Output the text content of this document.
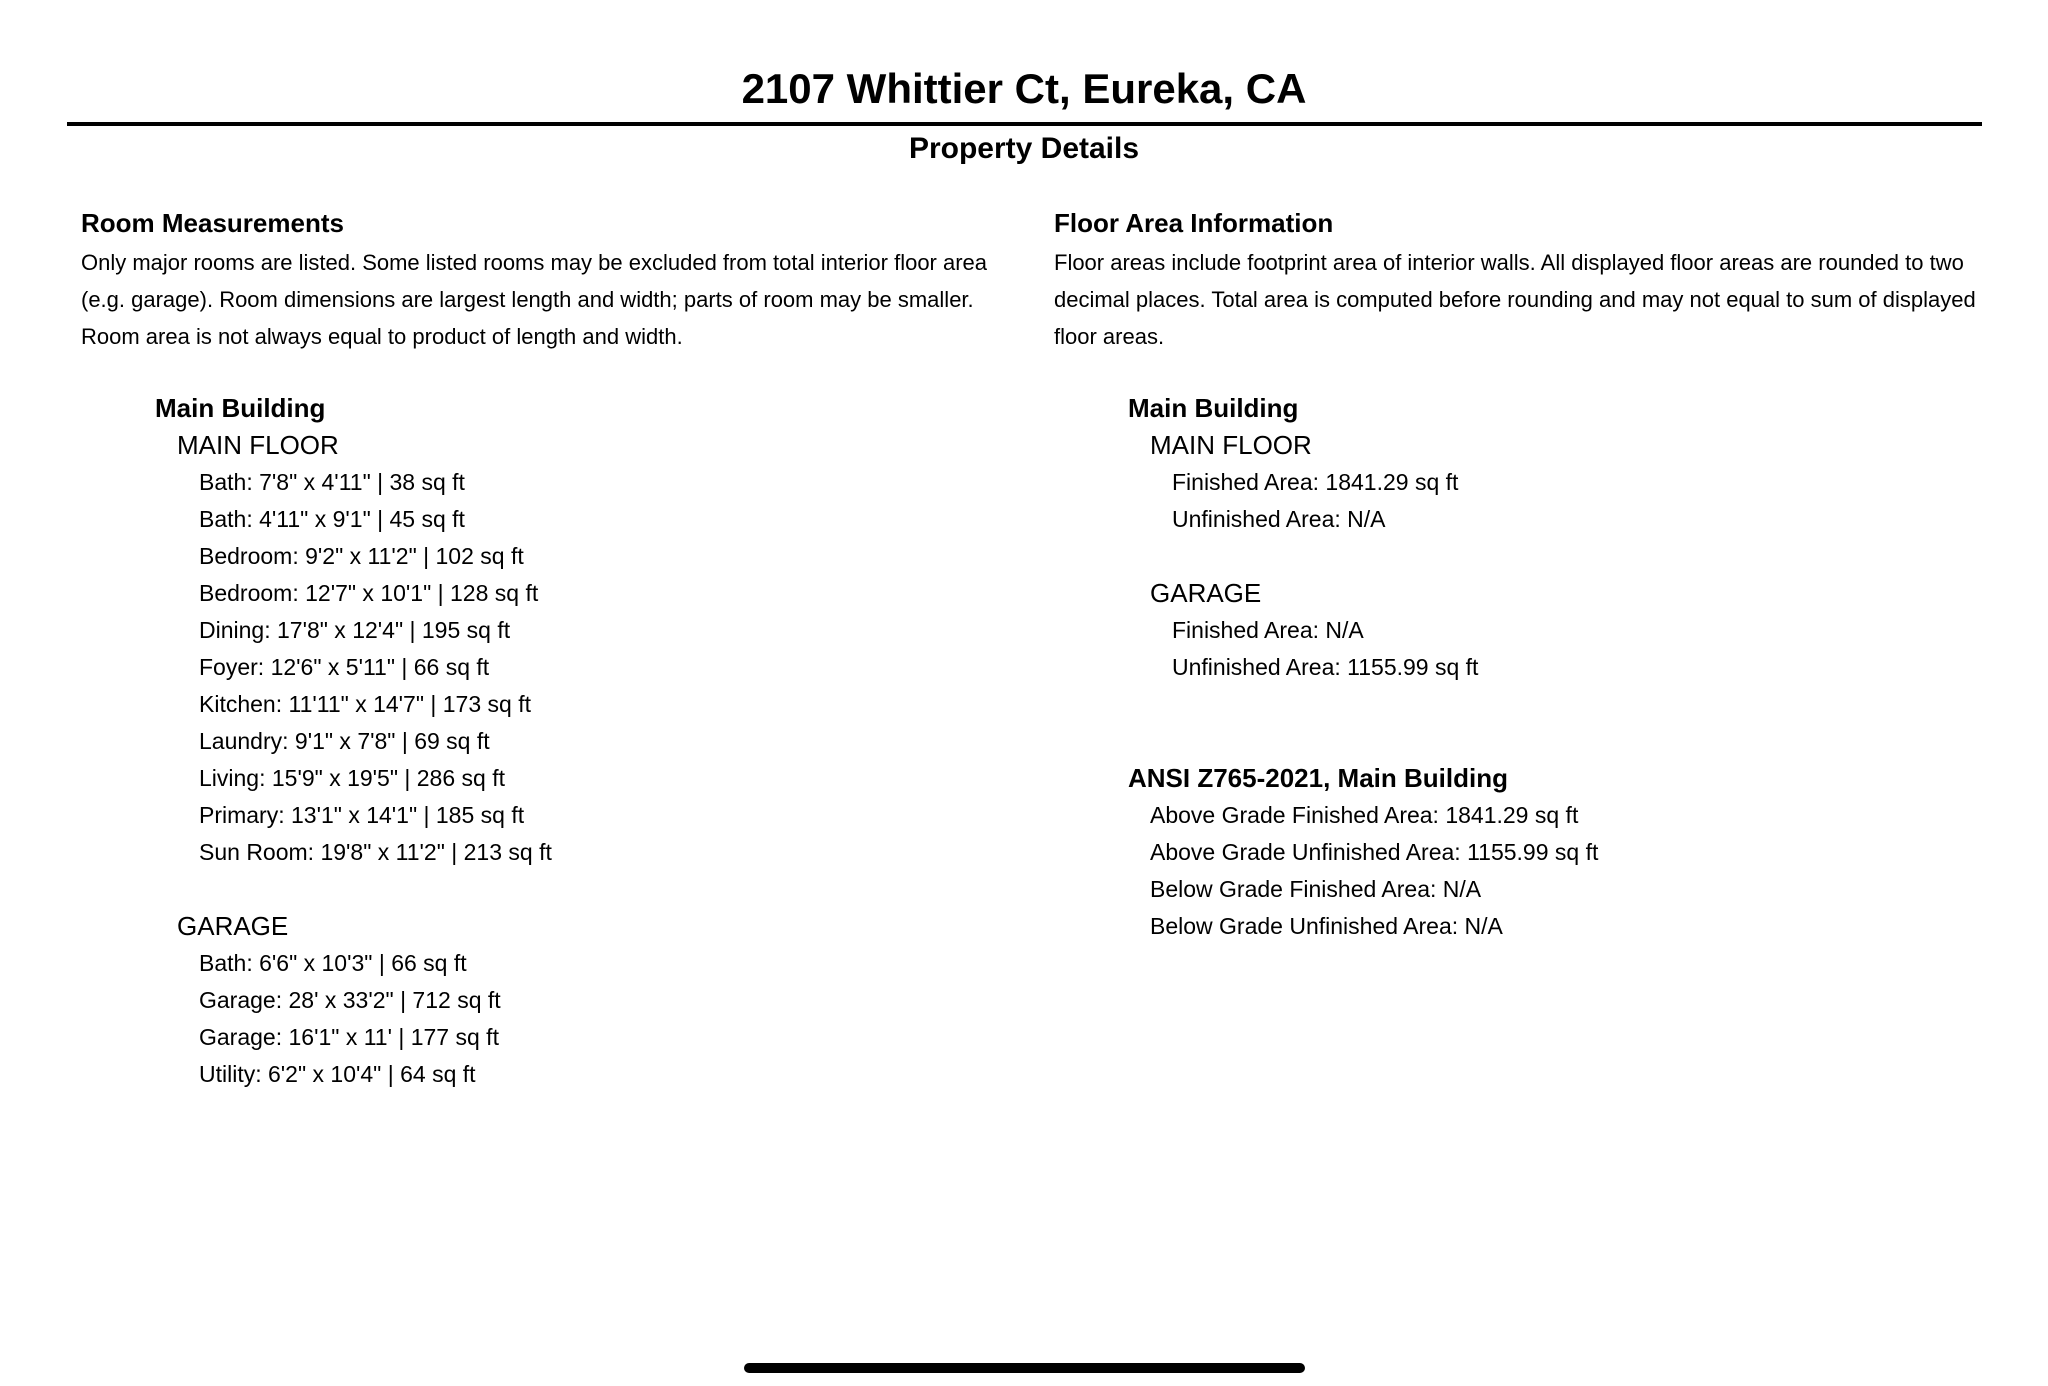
2107 Whittier Ct, Eureka, CA
Property Details
Room Measurements

Only major rooms are listed. Some listed rooms may be excluded from total interior floor area (e.g. garage). Room dimensions are largest length and width; parts of room may be smaller. Room area is not always equal to product of length and width.

Main Building
MAIN FLOOR
Bath: 7'8" x 4'11" | 38 sq ft
Bath: 4'11" x 9'1" | 45 sq ft
Bedroom: 9'2" x 11'2" | 102 sq ft
Bedroom: 12'7" x 10'1" | 128 sq ft
Dining: 17'8" x 12'4" | 195 sq ft
Foyer: 12'6" x 5'11" | 66 sq ft
Kitchen: 11'11" x 14'7" | 173 sq ft
Laundry: 9'1" x 7'8" | 69 sq ft
Living: 15'9" x 19'5" | 286 sq ft
Primary: 13'1" x 14'1" | 185 sq ft
Sun Room: 19'8" x 11'2" | 213 sq ft
GARAGE
Bath: 6'6" x 10'3" | 66 sq ft
Garage: 28' x 33'2" | 712 sq ft
Garage: 16'1" x 11' | 177 sq ft
Utility: 6'2" x 10'4" | 64 sq ft
Floor Area Information

Floor areas include footprint area of interior walls. All displayed floor areas are rounded to two decimal places. Total area is computed before rounding and may not equal to sum of displayed floor areas.

Main Building
MAIN FLOOR
Finished Area: 1841.29 sq ft
Unfinished Area: N/A
GARAGE
Finished Area: N/A
Unfinished Area: 1155.99 sq ft
ANSI Z765-2021, Main Building
Above Grade Finished Area: 1841.29 sq ft
Above Grade Unfinished Area: 1155.99 sq ft
Below Grade Finished Area: N/A
Below Grade Unfinished Area: N/A
